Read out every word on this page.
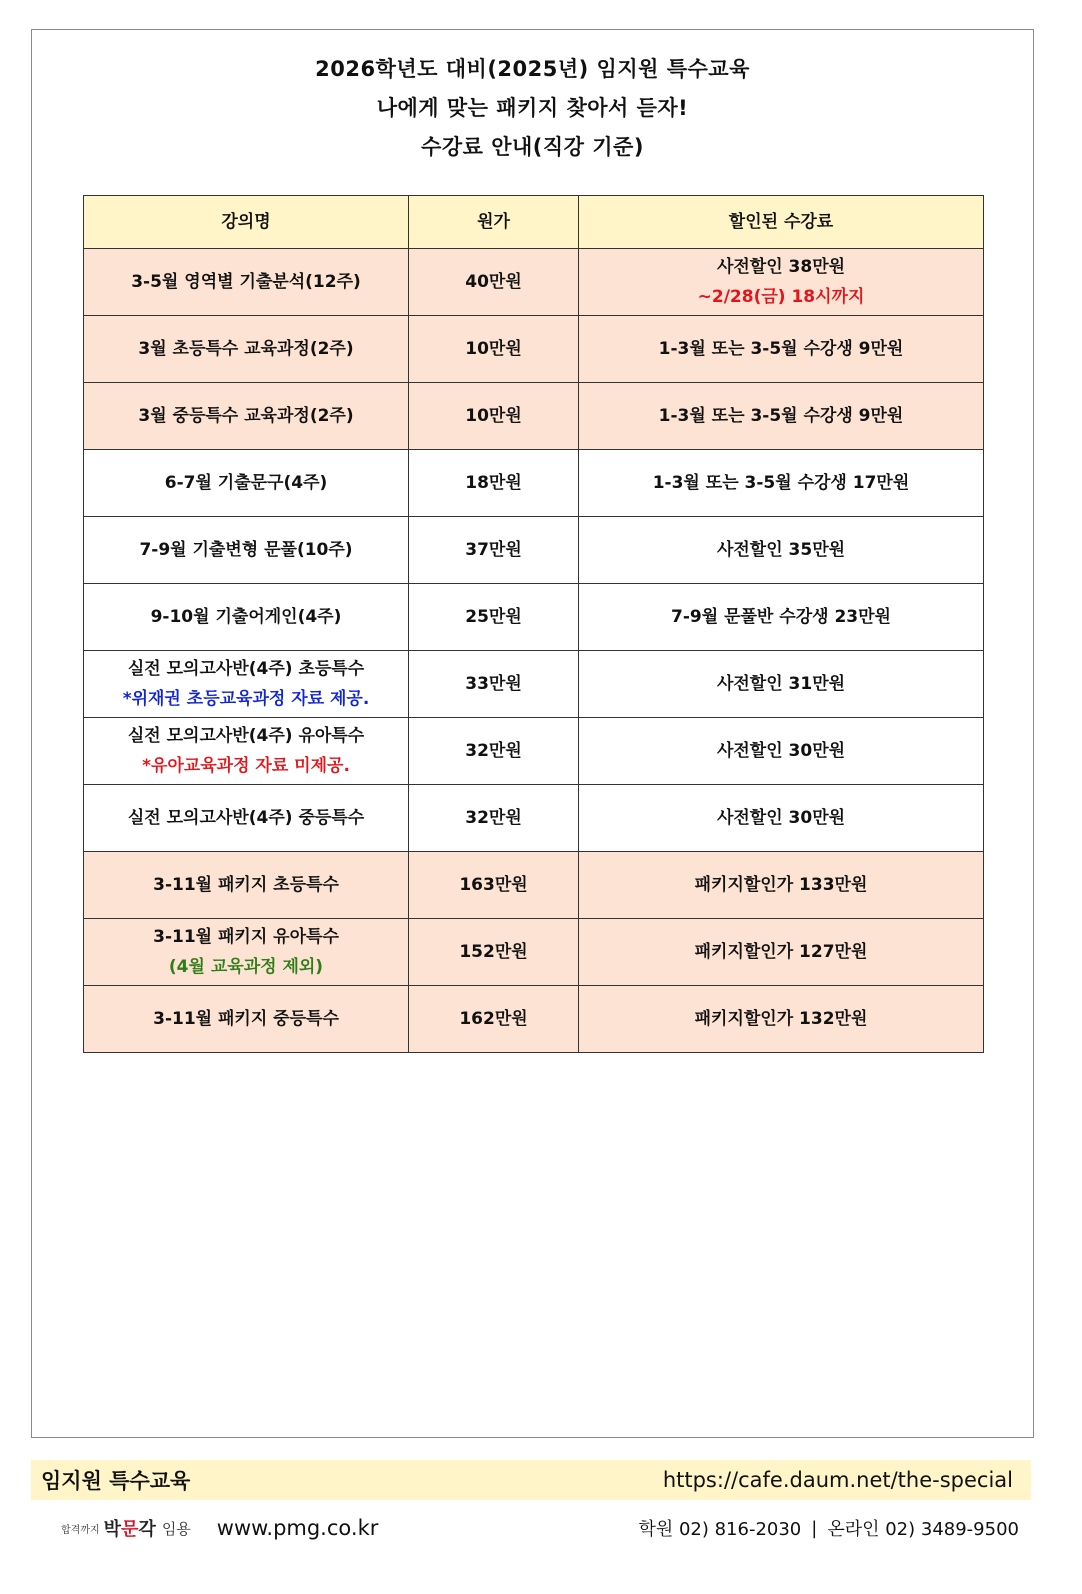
2026학년도 대비(2025년) 임지원 특수교육
나에게 맞는 패키지 찾아서 듣자!
수강료 안내(직강 기준)
강의명	원가	할인된 수강료
3-5월 영역별 기출분석(12주)	40만원	사전할인 38만원
~2/28(금) 18시까지

3월 초등특수 교육과정(2주)	10만원	1-3월 또는 3-5월 수강생 9만원
3월 중등특수 교육과정(2주)	10만원	1-3월 또는 3-5월 수강생 9만원
6-7월 기출문구(4주)	18만원	1-3월 또는 3-5월 수강생 17만원
7-9월 기출변형 문풀(10주)	37만원	사전할인 35만원
9-10월 기출어게인(4주)	25만원	7-9월 문풀반 수강생 23만원

실전 모의고사반(4주) 초등특수
*위재권 초등교육과정 자료 제공.	33만원	사전할인 31만원

실전 모의고사반(4주) 유아특수
*유아교육과정 자료 미제공.	32만원	사전할인 30만원
실전 모의고사반(4주) 중등특수	32만원	사전할인 30만원
3-11월 패키지 초등특수	163만원	패키지할인가 133만원

3-11월 패키지 유아특수
(4월 교육과정 제외)	152만원	패키지할인가 127만원
3-11월 패키지 중등특수	162만원	패키지할인가 132만원
임지원 특수교육	https://cafe.daum.net/the-special
합격까지 박문각 임용 www.pmg.co.kr	학원 02) 816-2030 | 온라인 02) 3489-9500
